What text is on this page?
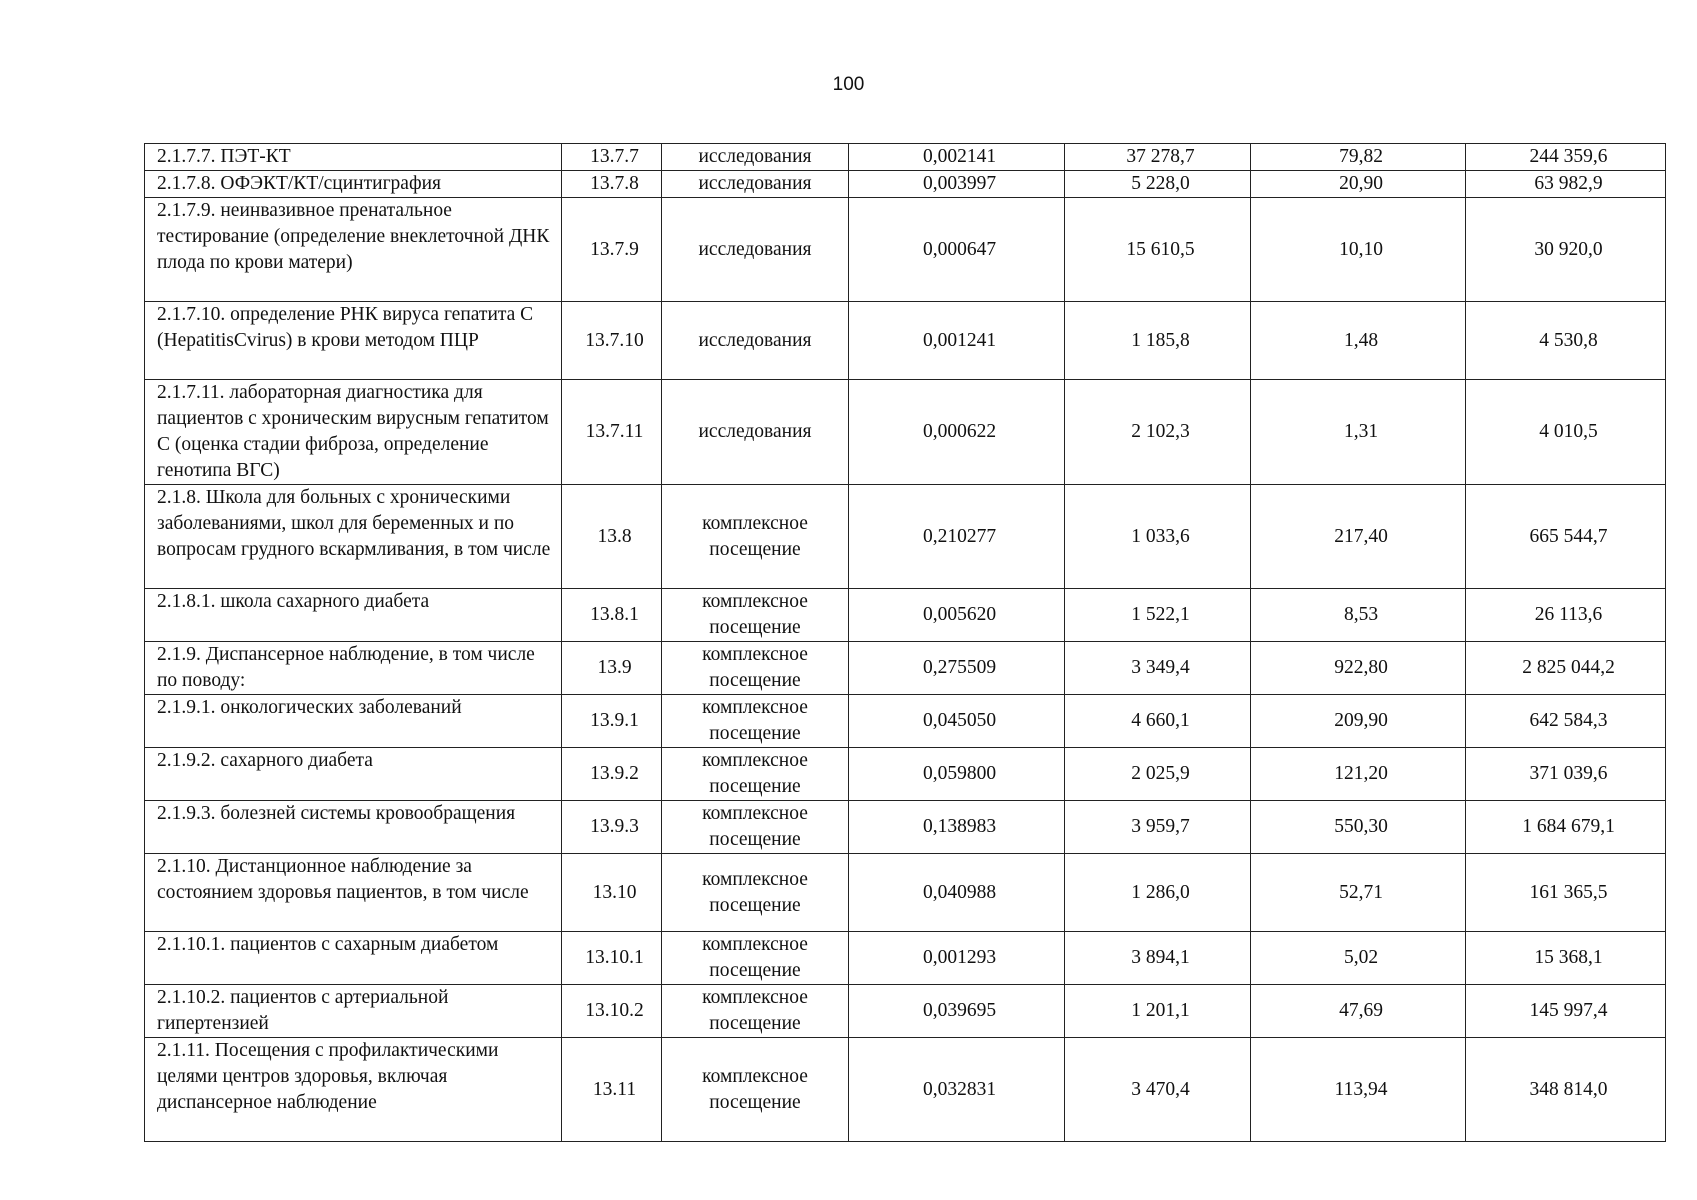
100
2.1.7.7. ПЭТ-КТ	13.7.7	исследования	0,002141	37 278,7	79,82	244 359,6
2.1.7.8. ОФЭКТ/КТ/сцинтиграфия	13.7.8	исследования	0,003997	5 228,0	20,90	63 982,9
2.1.7.9. неинвазивное пренатальное тестирование (определение внеклеточной ДНК плода по крови матери)	13.7.9	исследования	0,000647	15 610,5	10,10	30 920,0
2.1.7.10. определение РНК вируса гепатита С (HepatitisCvirus) в крови методом ПЦР	13.7.10	исследования	0,001241	1 185,8	1,48	4 530,8
2.1.7.11. лабораторная диагностика для пациентов с хроническим вирусным гепатитом С (оценка стадии фиброза, определение генотипа ВГС)	13.7.11	исследования	0,000622	2 102,3	1,31	4 010,5
2.1.8. Школа для больных с хроническими заболеваниями, школ для беременных и по вопросам грудного вскармливания, в том числе	13.8	комплексное посещение	0,210277	1 033,6	217,40	665 544,7
2.1.8.1. школа сахарного диабета	13.8.1	комплексное посещение	0,005620	1 522,1	8,53	26 113,6
2.1.9. Диспансерное наблюдение, в том числе по поводу:	13.9	комплексное посещение	0,275509	3 349,4	922,80	2 825 044,2
2.1.9.1. онкологических заболеваний	13.9.1	комплексное посещение	0,045050	4 660,1	209,90	642 584,3
2.1.9.2. сахарного диабета	13.9.2	комплексное посещение	0,059800	2 025,9	121,20	371 039,6
2.1.9.3. болезней системы кровообращения	13.9.3	комплексное посещение	0,138983	3 959,7	550,30	1 684 679,1
2.1.10. Дистанционное наблюдение за состоянием здоровья пациентов, в том числе	13.10	комплексное посещение	0,040988	1 286,0	52,71	161 365,5
2.1.10.1. пациентов с сахарным диабетом	13.10.1	комплексное посещение	0,001293	3 894,1	5,02	15 368,1
2.1.10.2. пациентов с артериальной гипертензией	13.10.2	комплексное посещение	0,039695	1 201,1	47,69	145 997,4
2.1.11. Посещения с профилактическими целями центров здоровья, включая диспансерное наблюдение	13.11	комплексное посещение	0,032831	3 470,4	113,94	348 814,0
